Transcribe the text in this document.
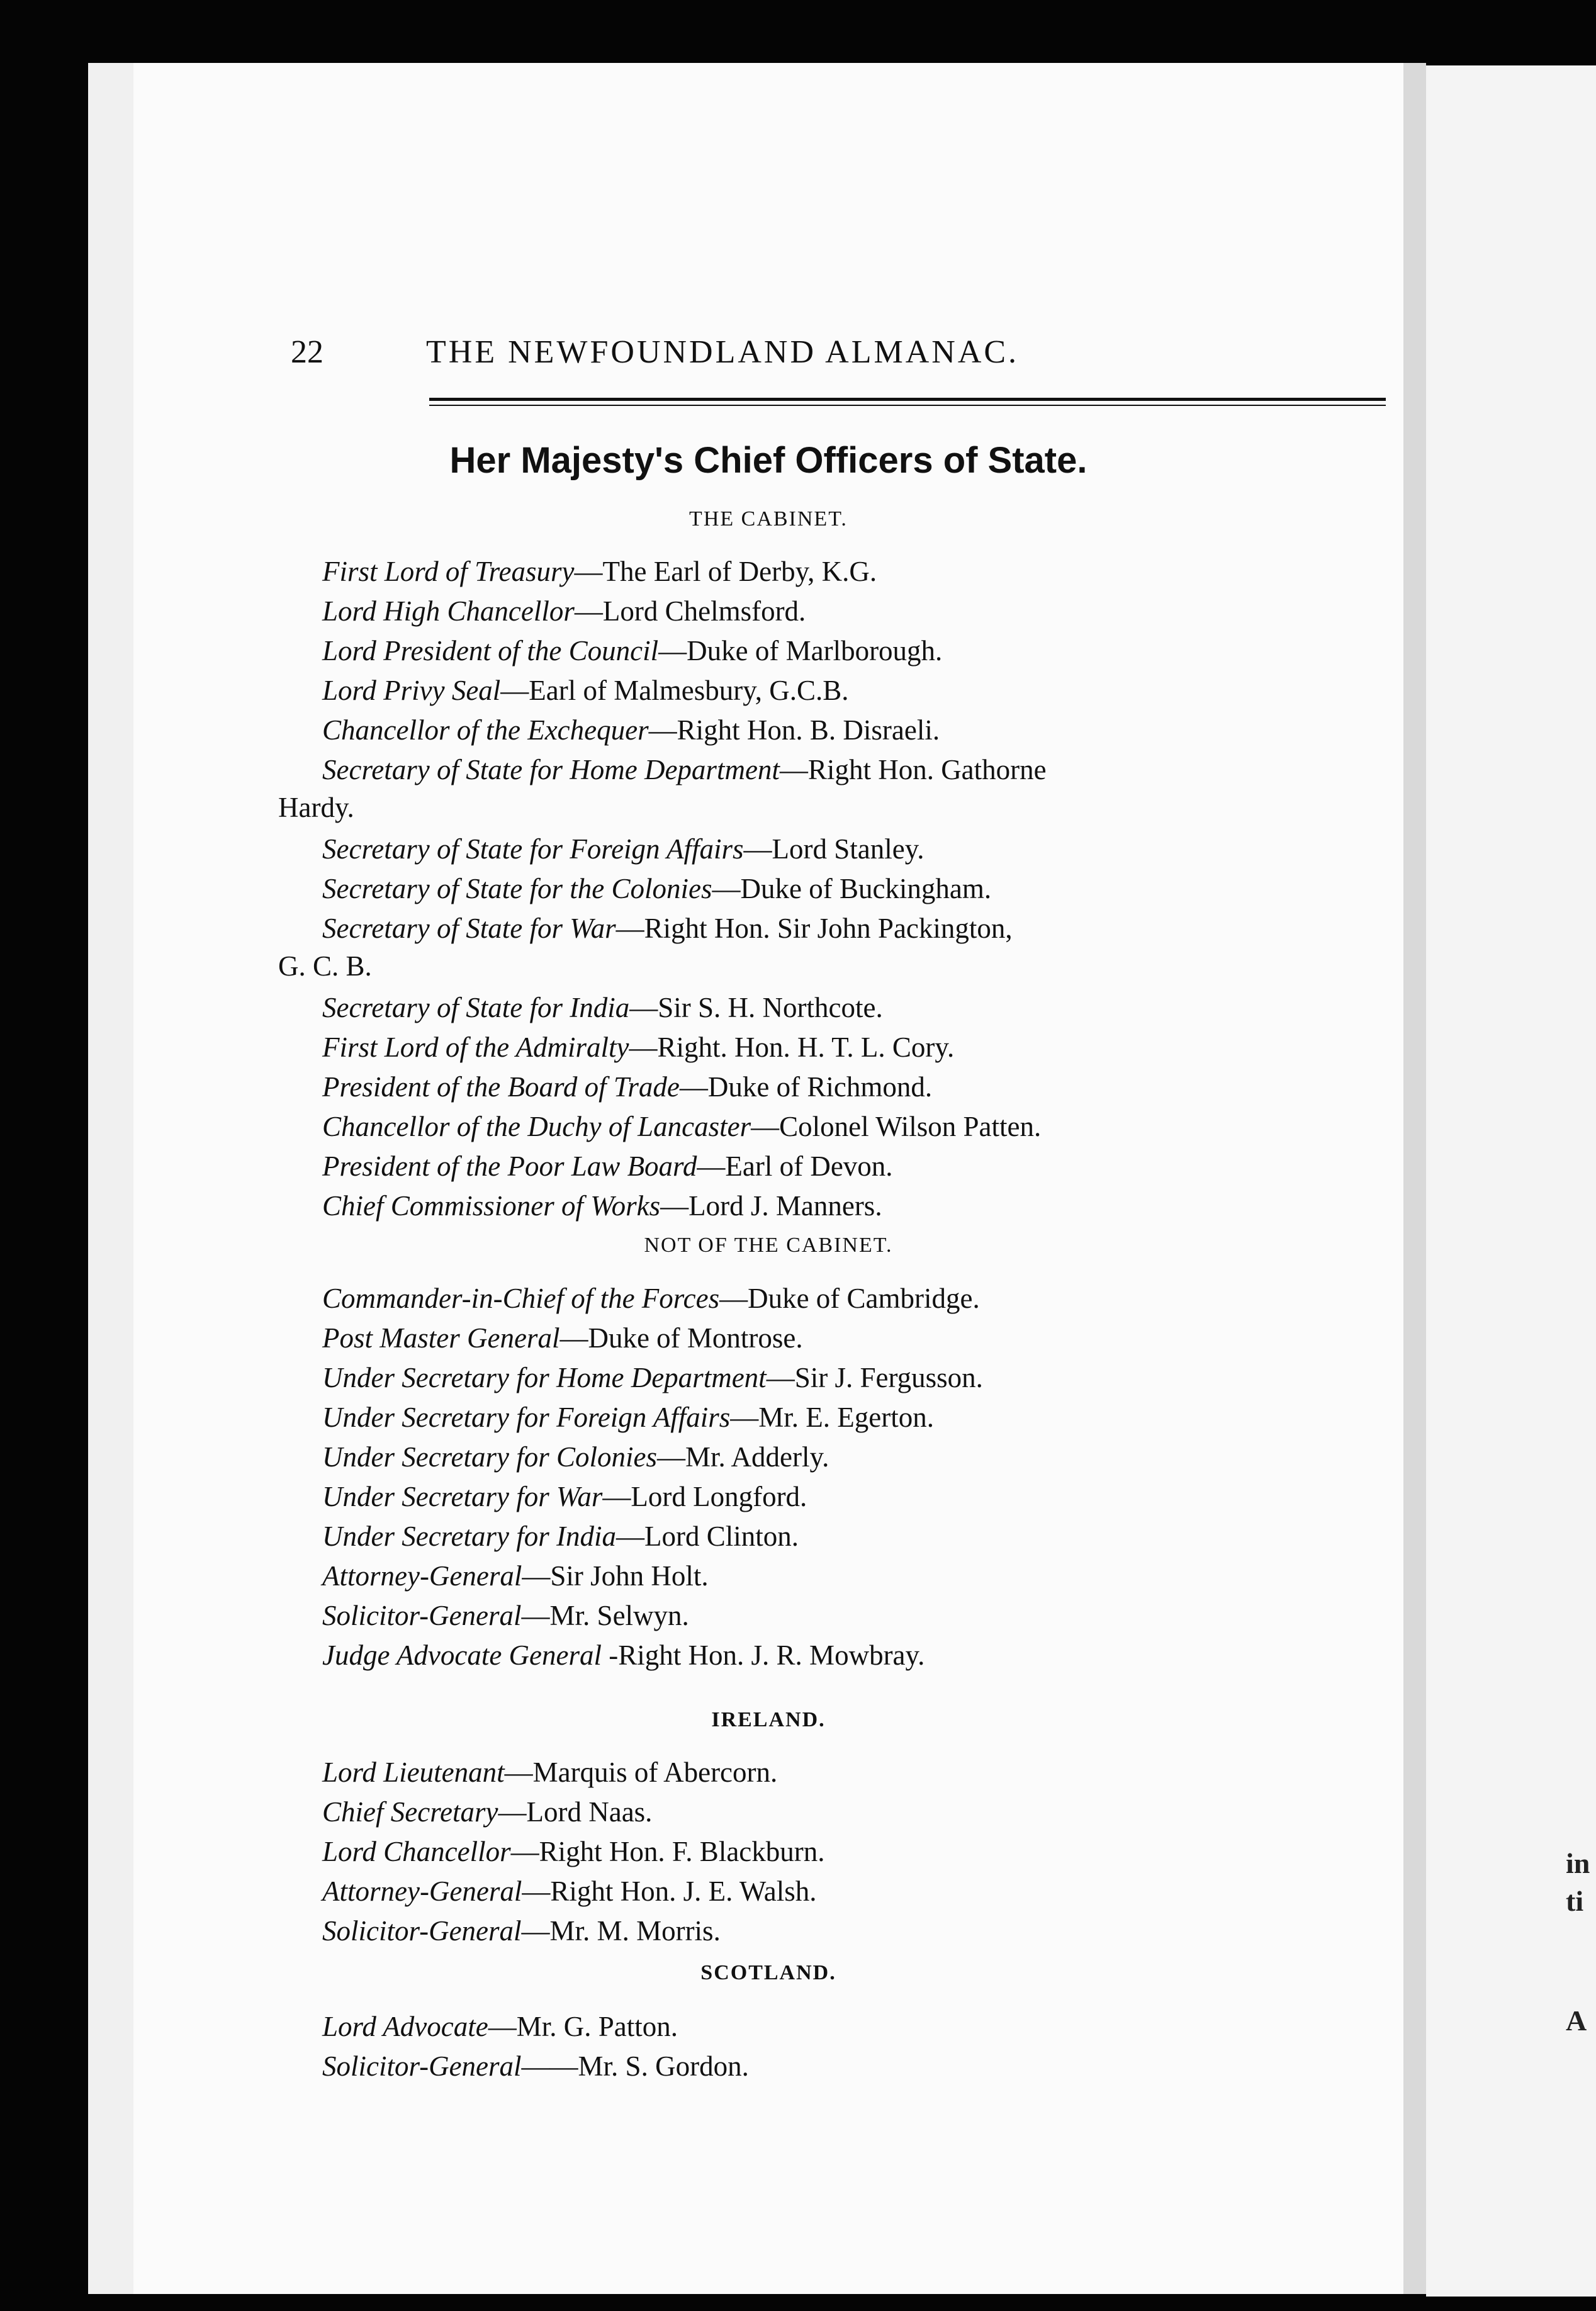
22	THE NEWFOUNDLAND ALMANAC.
Her Majesty's Chief Officers of State.
THE CABINET.
First Lord of Treasury—The Earl of Derby, K.G.
Lord High Chancellor—Lord Chelmsford.
Lord President of the Council—Duke of Marlborough.
Lord Privy Seal—Earl of Malmesbury, G.C.B.
Chancellor of the Exchequer—Right Hon. B. Disraeli.
Secretary of State for Home Department—Right Hon. Gathorne
Hardy.
Secretary of State for Foreign Affairs—Lord Stanley.
Secretary of State for the Colonies—Duke of Buckingham.
Secretary of State for War—Right Hon. Sir John Packington,
G. C. B.
Secretary of State for India—Sir S. H. Northcote.
First Lord of the Admiralty—Right. Hon. H. T. L. Cory.
President of the Board of Trade—Duke of Richmond.
Chancellor of the Duchy of Lancaster—Colonel Wilson Patten.
President of the Poor Law Board—Earl of Devon.
Chief Commissioner of Works—Lord J. Manners.
NOT OF THE CABINET.
Commander-in-Chief of the Forces—Duke of Cambridge.
Post Master General—Duke of Montrose.
Under Secretary for Home Department—Sir J. Fergusson.
Under Secretary for Foreign Affairs—Mr. E. Egerton.
Under Secretary for Colonies—Mr. Adderly.
Under Secretary for War—Lord Longford.
Under Secretary for India—Lord Clinton.
Attorney-General—Sir John Holt.
Solicitor-General—Mr. Selwyn.
Judge Advocate General -Right Hon. J. R. Mowbray.
IRELAND.
Lord Lieutenant—Marquis of Abercorn.
Chief Secretary—Lord Naas.
Lord Chancellor—Right Hon. F. Blackburn.
Attorney-General—Right Hon. J. E. Walsh.
Solicitor-General—Mr. M. Morris.
SCOTLAND.
Lord Advocate—Mr. G. Patton.
Solicitor-General——Mr. S. Gordon.
in
ti
A
